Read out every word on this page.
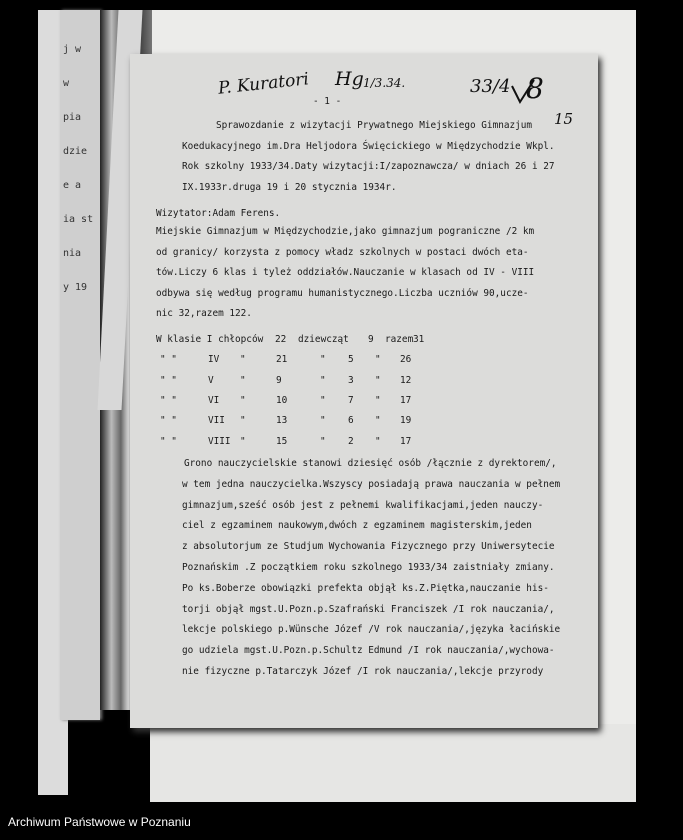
j w
w
pia
dzie
e a
ia st
nia
y 19
P. Kuratori Hg 1/3.34.	33/4 8
15
- 1 -
Sprawozdanie z wizytacji Prywatnego Miejskiego Gimnazjum
Koedukacyjnego im.Dra Heljodora Święcickiego w Międzychodzie Wkpl.
Rok szkolny 1933/34.Daty wizytacji:I/zapoznawcza/ w dniach 26 i 27
IX.1933r.druga 19 i 20 stycznia 1934r.
Wizytator:Adam Ferens.
Miejskie Gimnazjum w Międzychodzie,jako gimnazjum pograniczne /2 km
od granicy/ korzysta z pomocy władz szkolnych w postaci dwóch eta-
tów.Liczy 6 klas i tyleż oddziałów.Nauczanie w klasach od IV - VIII
odbywa się według programu humanistycznego.Liczba uczniów 90,ucze-
nic 32,razem 122.
W klasie I chłopców 22 dziewcząt 9 razem 31
" "	IV "	21	" 5 " 26
" "	V	"	9	" 3 " 12
" "	VI "	10	" 7 " 17
" "	VII "	13	" 6 " 19
" "	VIII "	15	" 2 " 17
Grono nauczycielskie stanowi dziesięć osób /łącznie z dyrektorem/,
w tem jedna nauczycielka.Wszyscy posiadają prawa nauczania w pełnem
gimnazjum,sześć osób jest z pełnemi kwalifikacjami,jeden nauczy-
ciel z egzaminem naukowym,dwóch z egzaminem magisterskim,jeden
z absolutorjum ze Studjum Wychowania Fizycznego przy Uniwersytecie
Poznańskim .Z początkiem roku szkolnego 1933/34 zaistniały zmiany.
Po ks.Boberze obowiązki prefekta objął ks.Z.Piętka,nauczanie his-
torji objął mgst.U.Pozn.p.Szafrański Franciszek /I rok nauczania/,
lekcje polskiego p.Wünsche Józef /V rok nauczania/,języka łacińskie
go udziela mgst.U.Pozn.p.Schultz Edmund /I rok nauczania/,wychowa-
nie fizyczne p.Tatarczyk Józef /I rok nauczania/,lekcje przyrody
Archiwum Państwowe w Poznaniu
